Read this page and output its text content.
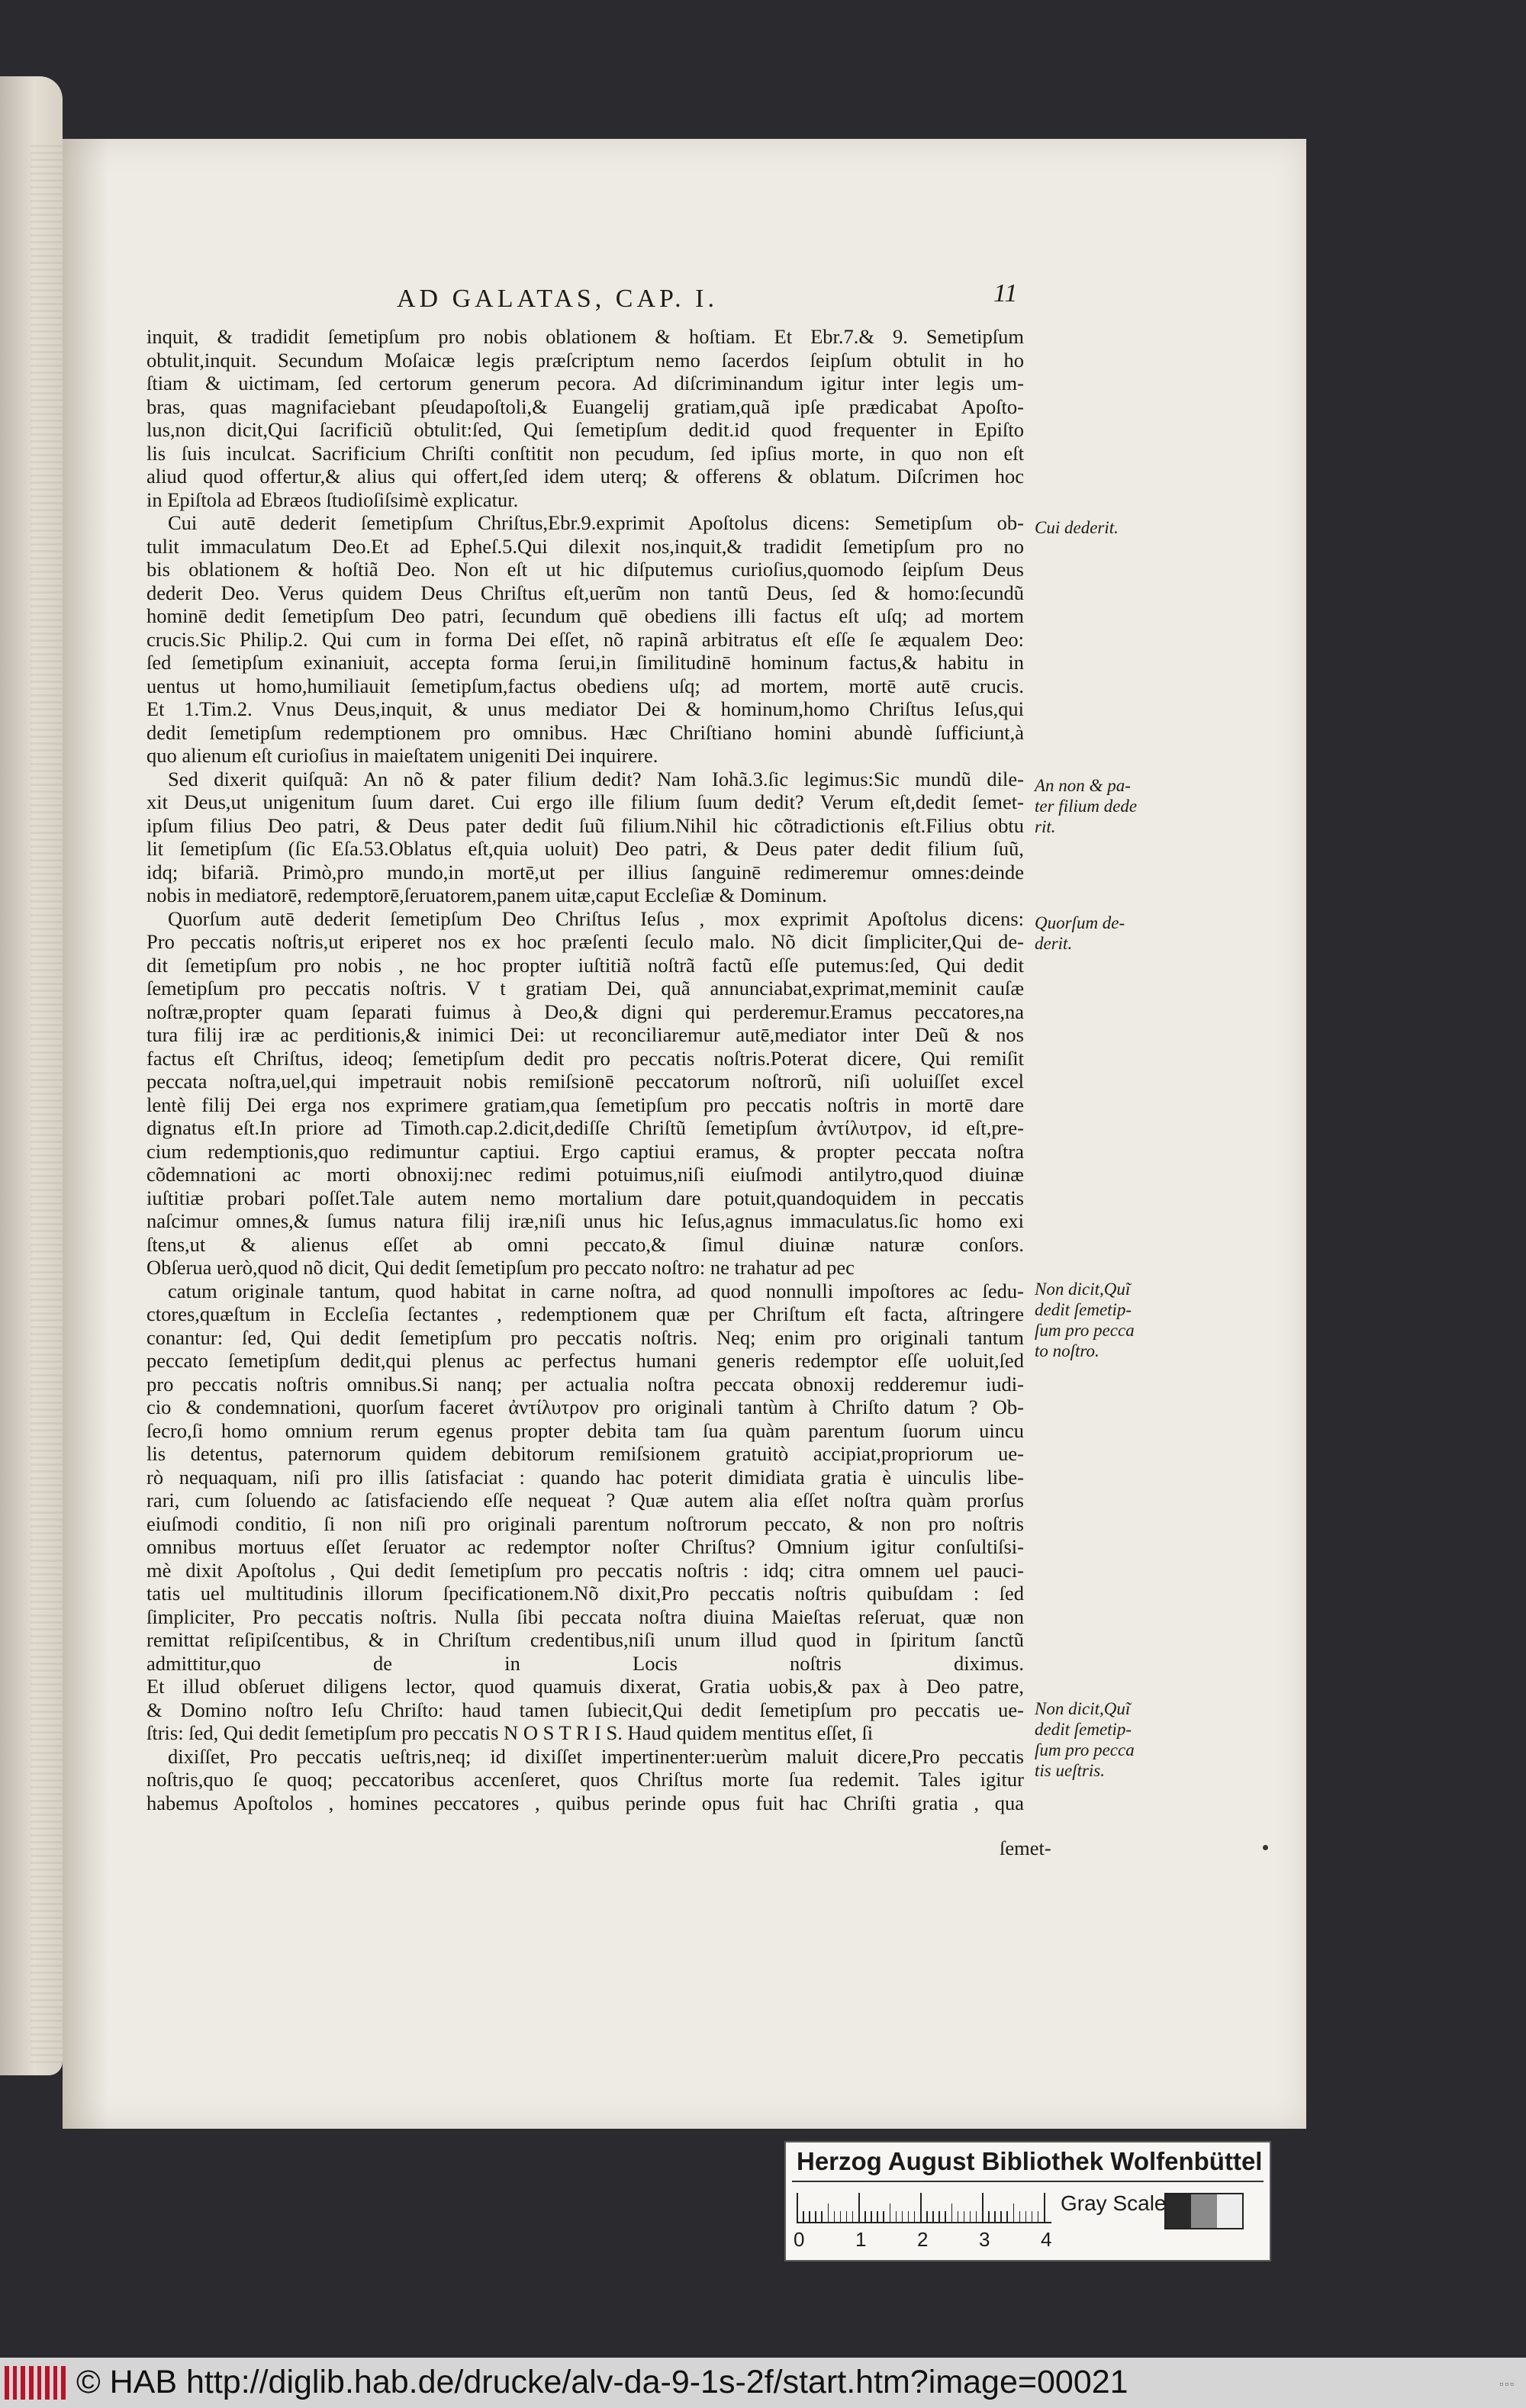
AD GALATAS, CAP. I.	11
inquit, & tradidit ſemetipſum pro nobis oblationem & hoſtiam. Et Ebr.7.& 9. Semetipſum
obtulit,inquit. Secundum Moſaicæ legis præſcriptum nemo ſacerdos ſeipſum obtulit in ho
ſtiam & uictimam, ſed certorum generum pecora. Ad diſcriminandum igitur inter legis um-
bras, quas magnifaciebant pſeudapoſtoli,& Euangelij gratiam,quã ipſe prædicabat Apoſto-
lus,non dicit,Qui ſacrificiũ obtulit:ſed, Qui ſemetipſum dedit.id quod frequenter in Epiſto
lis ſuis inculcat. Sacrificium Chriſti conſtitit non pecudum, ſed ipſius morte, in quo non eſt
aliud quod offertur,& alius qui offert,ſed idem uterq; & offerens & oblatum. Diſcrimen hoc
in Epiſtola ad Ebræos ſtudioſiſsimè explicatur.
Cui autē dederit ſemetipſum Chriſtus,Ebr.9.exprimit Apoſtolus dicens: Semetipſum ob-
tulit immaculatum Deo.Et ad Epheſ.5.Qui dilexit nos,inquit,& tradidit ſemetipſum pro no
bis oblationem & hoſtiã Deo. Non eſt ut hic diſputemus curioſius,quomodo ſeipſum Deus
dederit Deo. Verus quidem Deus Chriſtus eſt,uerũm non tantũ Deus, ſed & homo:ſecundũ
hominē dedit ſemetipſum Deo patri, ſecundum quē obediens illi factus eſt uſq; ad mortem
crucis.Sic Philip.2. Qui cum in forma Dei eſſet, nõ rapinã arbitratus eſt eſſe ſe æqualem Deo:
ſed ſemetipſum exinaniuit, accepta forma ſerui,in ſimilitudinē hominum factus,& habitu in
uentus ut homo,humiliauit ſemetipſum,factus obediens uſq; ad mortem, mortē autē crucis.
Et 1.Tim.2. Vnus Deus,inquit, & unus mediator Dei & hominum,homo Chriſtus Ieſus,qui
dedit ſemetipſum redemptionem pro omnibus. Hæc Chriſtiano homini abundè ſufficiunt,à
quo alienum eſt curioſius in maieſtatem unigeniti Dei inquirere.
Sed dixerit quiſquã: An nõ & pater filium dedit? Nam Iohã.3.ſic legimus:Sic mundũ dile-
xit Deus,ut unigenitum ſuum daret. Cui ergo ille filium ſuum dedit? Verum eſt,dedit ſemet-
ipſum filius Deo patri, & Deus pater dedit ſuũ filium.Nihil hic cõtradictionis eſt.Filius obtu
lit ſemetipſum (ſic Eſa.53.Oblatus eſt,quia uoluit) Deo patri, & Deus pater dedit filium ſuũ,
idq; bifariã. Primò,pro mundo,in mortē,ut per illius ſanguinē redimeremur omnes:deinde
nobis in mediatorē, redemptorē,ſeruatorem,panem uitæ,caput Eccleſiæ & Dominum.
Quorſum autē dederit ſemetipſum Deo Chriſtus Ieſus , mox exprimit Apoſtolus dicens:
Pro peccatis noſtris,ut eriperet nos ex hoc præſenti ſeculo malo. Nõ dicit ſimpliciter,Qui de-
dit ſemetipſum pro nobis , ne hoc propter iuſtitiã noſtrã factũ eſſe putemus:ſed, Qui dedit
ſemetipſum pro peccatis noſtris. V t gratiam Dei, quã annunciabat,exprimat,meminit cauſæ
noſtræ,propter quam ſeparati fuimus à Deo,& digni qui perderemur.Eramus peccatores,na
tura filij iræ ac perditionis,& inimici Dei: ut reconciliaremur autē,mediator inter Deũ & nos
factus eſt Chriſtus, ideoq; ſemetipſum dedit pro peccatis noſtris.Poterat dicere, Qui remiſit
peccata noſtra,uel,qui impetrauit nobis remiſsionē peccatorum noſtrorũ, niſi uoluiſſet excel
lentè filij Dei erga nos exprimere gratiam,qua ſemetipſum pro peccatis noſtris in mortē dare
dignatus eſt.In priore ad Timoth.cap.2.dicit,dediſſe Chriſtũ ſemetipſum ἀντίλυτρον, id eſt,pre-
cium redemptionis,quo redimuntur captiui. Ergo captiui eramus, & propter peccata noſtra
cõdemnationi ac morti obnoxij:nec redimi potuimus,niſi eiuſmodi antilytro,quod diuinæ
iuſtitiæ probari poſſet.Tale autem nemo mortalium dare potuit,quandoquidem in peccatis
naſcimur omnes,& ſumus natura filij iræ,niſi unus hic Ieſus,agnus immaculatus.ſic homo exi
ſtens,ut & alienus eſſet ab omni peccato,& ſimul diuinæ naturæ conſors.
Obſerua uerò,quod nõ dicit, Qui dedit ſemetipſum pro peccato noſtro: ne trahatur ad pec
catum originale tantum, quod habitat in carne noſtra, ad quod nonnulli impoſtores ac ſedu-
ctores,quæſtum in Eccleſia ſectantes , redemptionem quæ per Chriſtum eſt facta, aſtringere
conantur: ſed, Qui dedit ſemetipſum pro peccatis noſtris. Neq; enim pro originali tantum
peccato ſemetipſum dedit,qui plenus ac perfectus humani generis redemptor eſſe uoluit,ſed
pro peccatis noſtris omnibus.Si nanq; per actualia noſtra peccata obnoxij redderemur iudi-
cio & condemnationi, quorſum faceret ἀντίλυτρον pro originali tantùm à Chriſto datum ? Ob-
ſecro,ſi homo omnium rerum egenus propter debita tam ſua quàm parentum ſuorum uincu
lis detentus, paternorum quidem debitorum remiſsionem gratuitò accipiat,propriorum ue-
rò nequaquam, niſi pro illis ſatisfaciat : quando hac poterit dimidiata gratia è uinculis libe-
rari, cum ſoluendo ac ſatisfaciendo eſſe nequeat ? Quæ autem alia eſſet noſtra quàm prorſus
eiuſmodi conditio, ſi non niſi pro originali parentum noſtrorum peccato, & non pro noſtris
omnibus mortuus eſſet ſeruator ac redemptor noſter Chriſtus? Omnium igitur conſultiſsi-
mè dixit Apoſtolus , Qui dedit ſemetipſum pro peccatis noſtris : idq; citra omnem uel pauci-
tatis uel multitudinis illorum ſpecificationem.Nõ dixit,Pro peccatis noſtris quibuſdam : ſed
ſimpliciter, Pro peccatis noſtris. Nulla ſibi peccata noſtra diuina Maieſtas reſeruat, quæ non
remittat reſipiſcentibus, & in Chriſtum credentibus,niſi unum illud quod in ſpiritum ſanctũ
admittitur,quo de in Locis noſtris diximus.
Et illud obſeruet diligens lector, quod quamuis dixerat, Gratia uobis,& pax à Deo patre,
& Domino noſtro Ieſu Chriſto: haud tamen ſubiecit,Qui dedit ſemetipſum pro peccatis ue-
ſtris: ſed, Qui dedit ſemetipſum pro peccatis N O S T R I S. Haud quidem mentitus eſſet, ſi
dixiſſet, Pro peccatis ueſtris,neq; id dixiſſet impertinenter:uerùm maluit dicere,Pro peccatis
noſtris,quo ſe quoq; peccatoribus accenſeret, quos Chriſtus morte ſua redemit. Tales igitur
habemus Apoſtolos , homines peccatores , quibus perinde opus fuit hac Chriſti gratia , qua
ſemet-
Cui dederit.
An non & pa-
ter filium dede
rit.
Quorſum de-
derit.
Non dicit,Quĩ
dedit ſemetip-
ſum pro pecca
to noſtro.
Non dicit,Quĩ
dedit ſemetip-
ſum pro pecca
tis ueſtris.
Herzog August Bibliothek Wolfenbüttel
0	1	2	3	4
Gray Scale
© HAB http://diglib.hab.de/drucke/alv-da-9-1s-2f/start.htm?image=00021	▫▫▫
